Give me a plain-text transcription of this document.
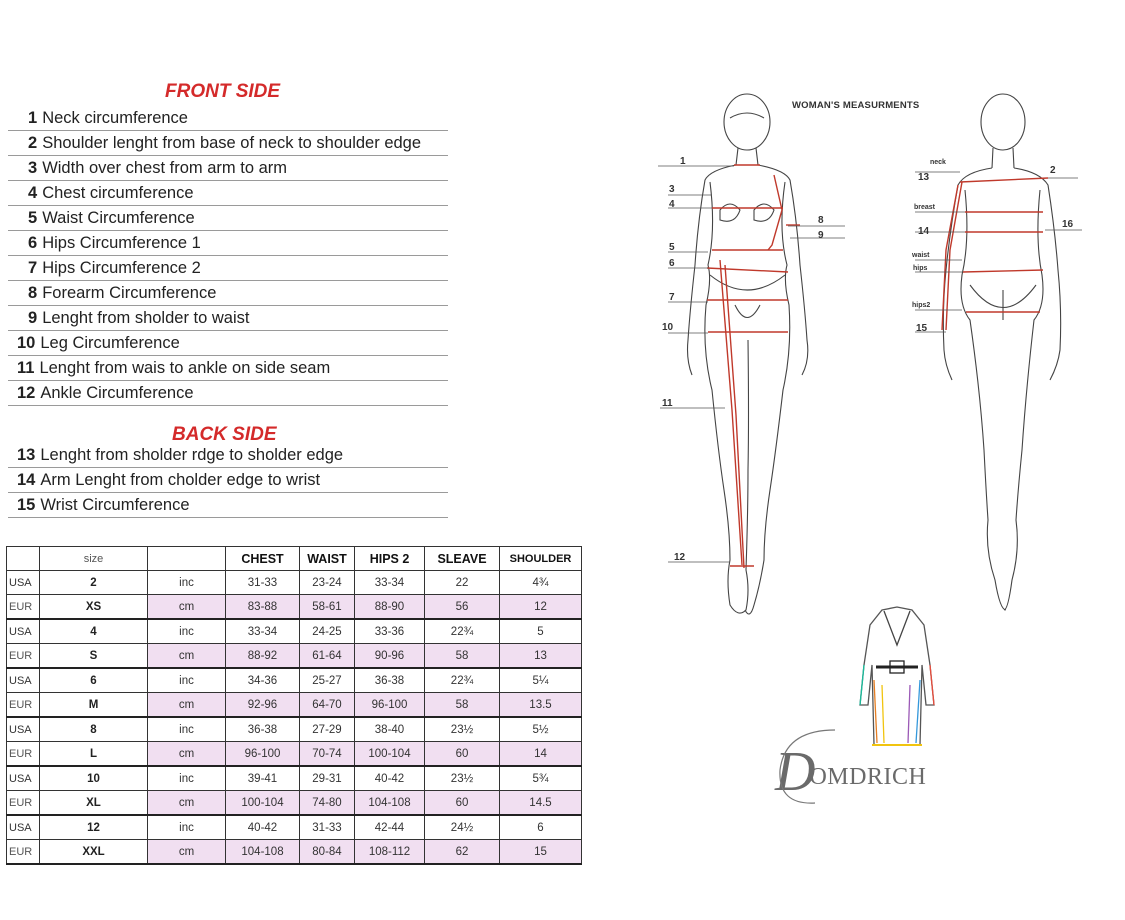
FRONT SIDE
1 Neck circumference
2 Shoulder lenght from base of neck to shoulder edge
3 Width over chest from arm to arm
4 Chest circumference
5 Waist Circumference
6 Hips Circumference 1
7 Hips Circumference 2
8 Forearm Circumference
9 Lenght from sholder to waist
10 Leg Circumference
11 Lenght from wais to ankle on side seam
12 Ankle Circumference
BACK SIDE
13 Lenght from sholder rdge to sholder edge
14 Arm Lenght from cholder edge to wrist
15 Wrist Circumference
	size		CHEST	WAIST	HIPS 2	SLEAVE	SHOULDER
USA	2	inc	31-33	23-24	33-34	22	4¾
EUR	XS	cm	83-88	58-61	88-90	56	12
USA	4	inc	33-34	24-25	33-36	22¾	5
EUR	S	cm	88-92	61-64	90-96	58	13
USA	6	inc	34-36	25-27	36-38	22¾	5¼
EUR	M	cm	92-96	64-70	96-100	58	13.5
USA	8	inc	36-38	27-29	38-40	23½	5½
EUR	L	cm	96-100	70-74	100-104	60	14
USA	10	inc	39-41	29-31	40-42	23½	5¾
EUR	XL	cm	100-104	74-80	104-108	60	14.5
USA	12	inc	40-42	31-33	42-44	24½	6
EUR	XXL	cm	104-108	80-84	108-112	62	15
WOMAN'S MEASURMENTS
1
3
4
8
9
5
6
7
10
11
12
neck
2
13
breast
16
14
waist
hips
hips2
15
DOMDRICH
